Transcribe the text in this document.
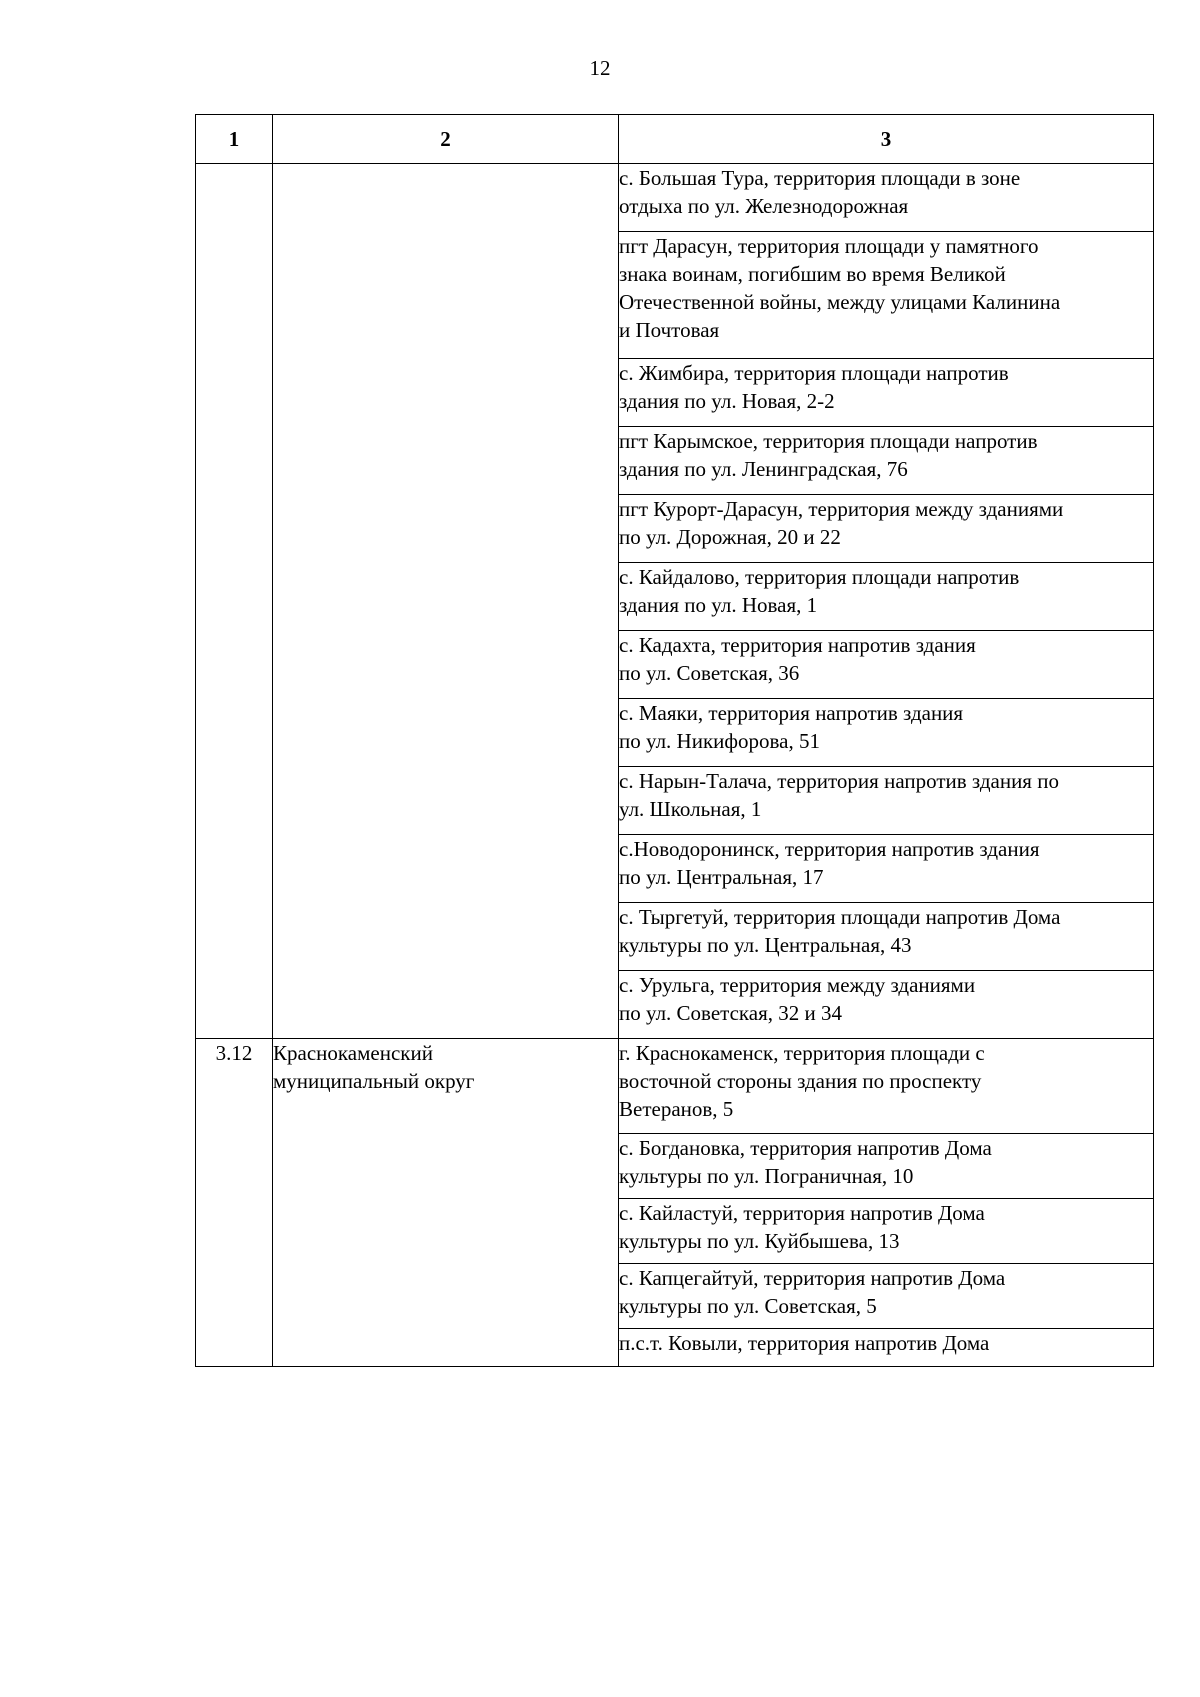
12
1	2	3

		с. Большая Тура, территория площади в зоне
отдыха по ул. Железнодорожная

		пгт Дарасун, территория площади у памятного
знака воинам, погибшим во время Великой
Отечественной войны, между улицами Калинина
и Почтовая

		с. Жимбира, территория площади напротив
здания по ул. Новая, 2-2

		пгт Карымское, территория площади напротив
здания по ул. Ленинградская, 76

		пгт Курорт-Дарасун, территория между зданиями
по ул. Дорожная, 20 и 22

		с. Кайдалово, территория площади напротив
здания по ул. Новая, 1

		с. Кадахта, территория напротив здания
по ул. Советская, 36

		с. Маяки, территория напротив здания
по ул. Никифорова, 51

		с. Нарын-Талача, территория напротив здания по
ул. Школьная, 1

		с.Новодоронинск, территория напротив здания
по ул. Центральная, 17

		с. Тыргетуй, территория площади напротив Дома
культуры по ул. Центральная, 43

		с. Урульга, территория между зданиями
по ул. Советская, 32 и 34

3.12	Краснокаменский
муниципальный округ	г. Краснокаменск, территория площади с
восточной стороны здания по проспекту
Ветеранов, 5

		с. Богдановка, территория напротив Дома
культуры по ул. Пограничная, 10

		с. Кайластуй, территория напротив Дома
культуры по ул. Куйбышева, 13

		с. Капцегайтуй, территория напротив Дома
культуры по ул. Советская, 5

		п.с.т. Ковыли, территория напротив Дома
